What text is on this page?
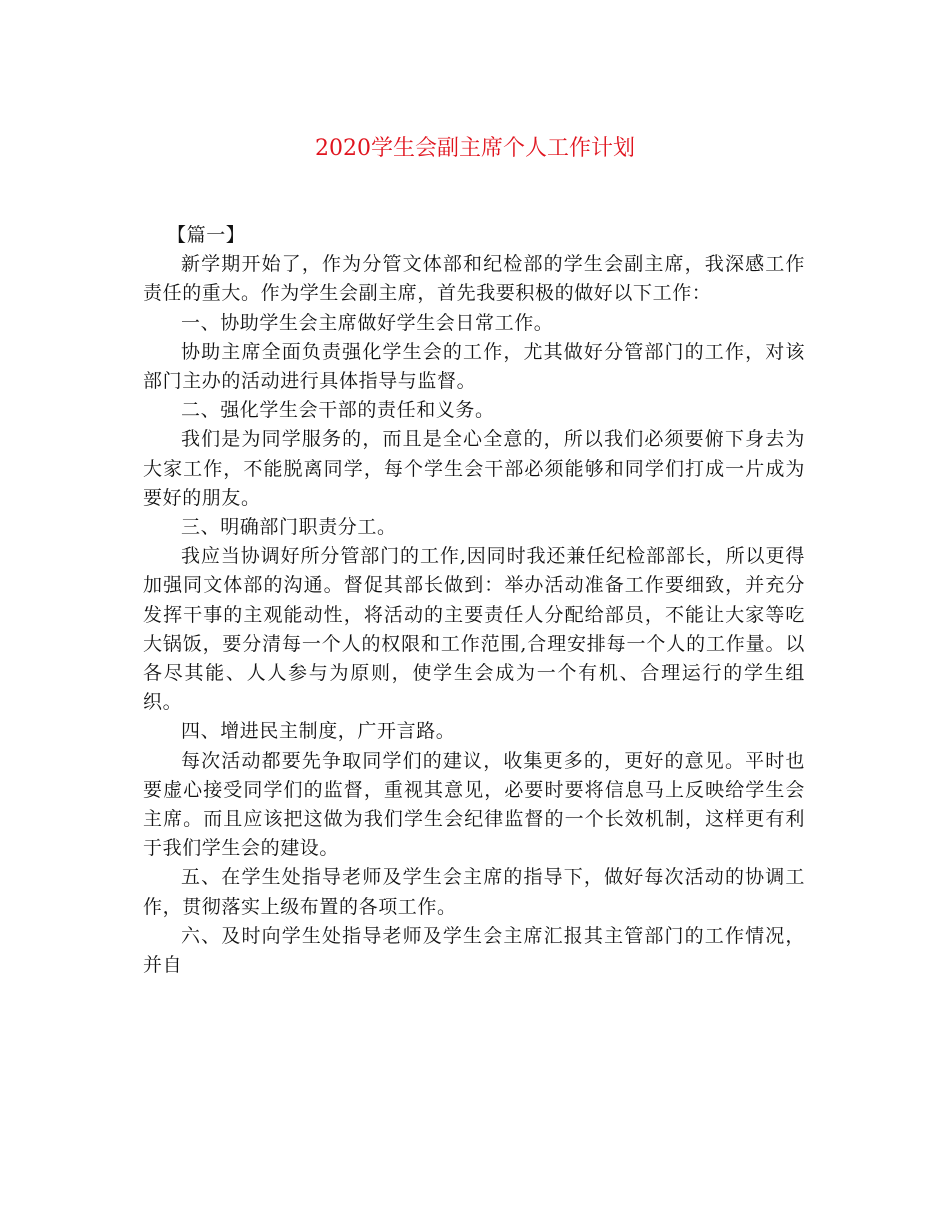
2020学生会副主席个人工作计划

【篇一】

新学期开始了，作为分管文体部和纪检部的学生会副主席，我深感工作责任的重大。作为学生会副主席，首先我要积极的做好以下工作：

一、协助学生会主席做好学生会日常工作。

协助主席全面负责强化学生会的工作，尤其做好分管部门的工作，对该部门主办的活动进行具体指导与监督。

二、强化学生会干部的责任和义务。

我们是为同学服务的，而且是全心全意的，所以我们必须要俯下身去为大家工作，不能脱离同学，每个学生会干部必须能够和同学们打成一片成为要好的朋友。

三、明确部门职责分工。

我应当协调好所分管部门的工作,因同时我还兼任纪检部部长，所以更得加强同文体部的沟通。督促其部长做到：举办活动准备工作要细致，并充分发挥干事的主观能动性，将活动的主要责任人分配给部员，不能让大家等吃大锅饭，要分清每一个人的权限和工作范围,合理安排每一个人的工作量。以各尽其能、人人参与为原则，使学生会成为一个有机、合理运行的学生组织。

四、增进民主制度，广开言路。

每次活动都要先争取同学们的建议，收集更多的，更好的意见。平时也要虚心接受同学们的监督，重视其意见，必要时要将信息马上反映给学生会主席。而且应该把这做为我们学生会纪律监督的一个长效机制，这样更有利于我们学生会的建设。

五、在学生处指导老师及学生会主席的指导下，做好每次活动的协调工作，贯彻落实上级布置的各项工作。

六、及时向学生处指导老师及学生会主席汇报其主管部门的工作情况，并自
